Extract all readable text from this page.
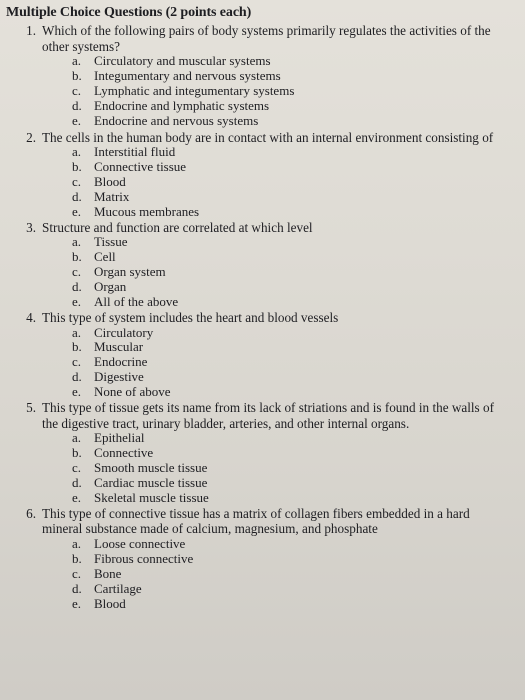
Multiple Choice Questions (2 points each)
1. Which of the following pairs of body systems primarily regulates the activities of the other systems?
a. Circulatory and muscular systems
b. Integumentary and nervous systems
c. Lymphatic and integumentary systems
d. Endocrine and lymphatic systems
e. Endocrine and nervous systems
2. The cells in the human body are in contact with an internal environment consisting of
a. Interstitial fluid
b. Connective tissue
c. Blood
d. Matrix
e. Mucous membranes
3. Structure and function are correlated at which level
a. Tissue
b. Cell
c. Organ system
d. Organ
e. All of the above
4. This type of system includes the heart and blood vessels
a. Circulatory
b. Muscular
c. Endocrine
d. Digestive
e. None of above
5. This type of tissue gets its name from its lack of striations and is found in the walls of the digestive tract, urinary bladder, arteries, and other internal organs.
a. Epithelial
b. Connective
c. Smooth muscle tissue
d. Cardiac muscle tissue
e. Skeletal muscle tissue
6. This type of connective tissue has a matrix of collagen fibers embedded in a hard mineral substance made of calcium, magnesium, and phosphate
a. Loose connective
b. Fibrous connective
c. Bone
d. Cartilage
e. Blood
